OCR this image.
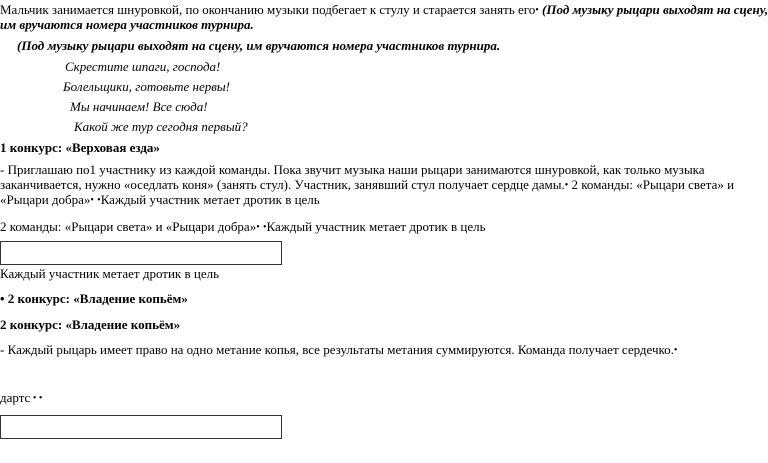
Мальчик занимается шнуровкой, по окончанию музыки подбегает к стулу и старается занять его• (Под музыку рыцари выходят на сцену,
им вручаются номера участников турнира.
(Под музыку рыцари выходят на сцену, им вручаются номера участников турнира.
Скрестите шпаги, господа!
Болельщики, готовьте нервы!
Мы начинаем! Все сюда!
Какой же тур сегодня первый?
1 конкурс: «Верховая езда»
- Приглашаю по1 участнику из каждой команды. Пока звучит музыка наши рыцари занимаются шнуровкой, как только музыка
заканчивается, нужно «оседлать коня» (занять стул). Участник, занявший стул получает сердце дамы.• 2 команды: «Рыцари света» и
«Рыцари добра»• •Каждый участник метает дротик в цель
2 команды: «Рыцари света» и «Рыцари добра»• •Каждый участник метает дротик в цель
Каждый участник метает дротик в цель
• 2 конкурс: «Владение копьём»
2 конкурс: «Владение копьём»
- Каждый рыцарь имеет право на одно метание копья, все результаты метания суммируются. Команда получает сердечко.•
дартс • •
